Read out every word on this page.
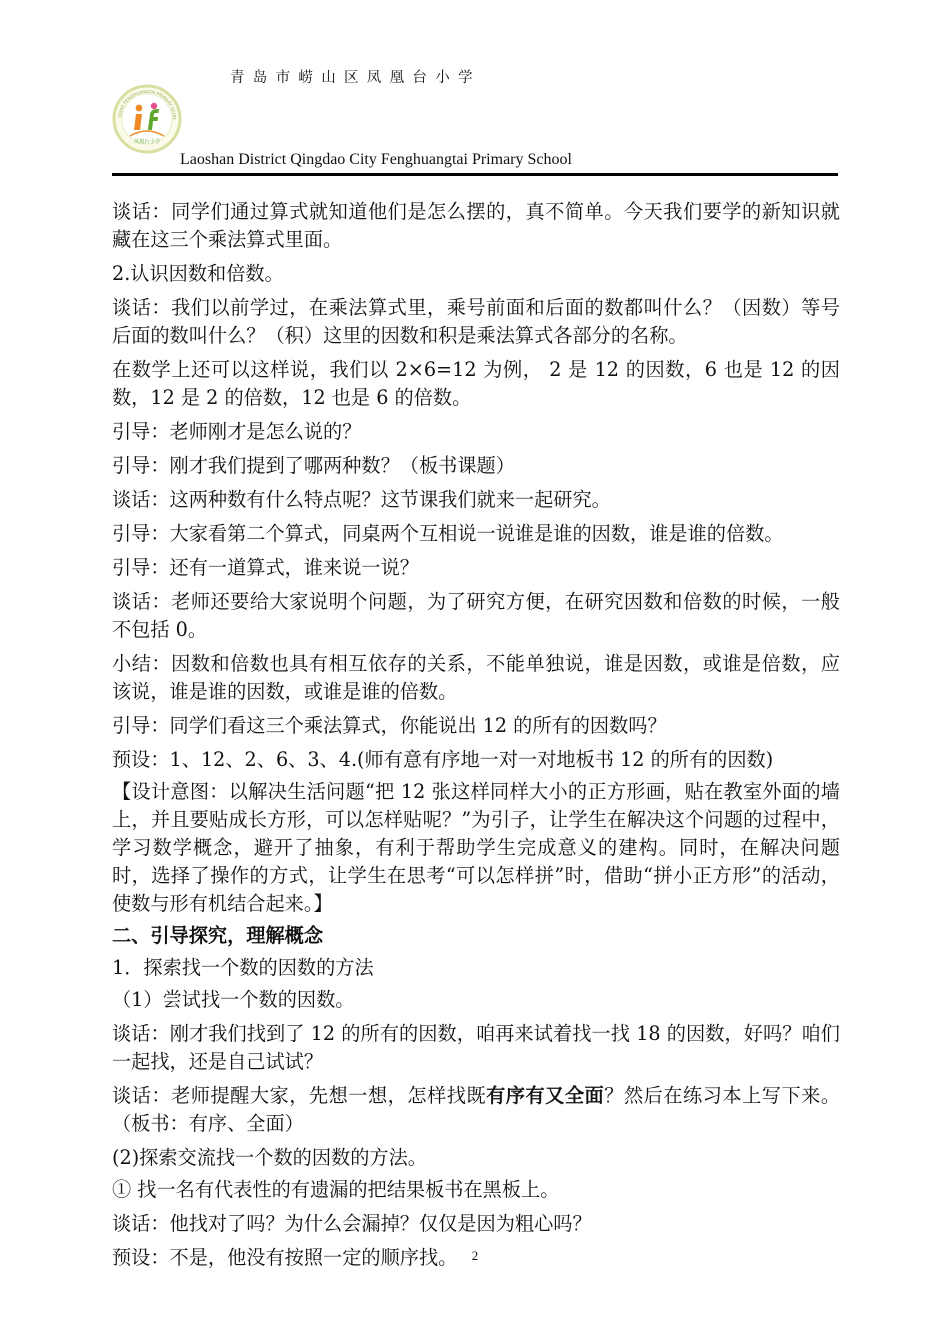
青岛市崂山区凤凰台小学
GDAO FENGHUANGTAI PRIMARY SCHO
凤凰台小学
Laoshan District Qingdao City Fenghuangtai Primary School

谈话：同学们通过算式就知道他们是怎么摆的，真不简单。今天我们要学的新知识就藏在这三个乘法算式里面。

2.认识因数和倍数。

谈话：我们以前学过，在乘法算式里，乘号前面和后面的数都叫什么？（因数）等号后面的数叫什么？（积）这里的因数和积是乘法算式各部分的名称。

在数学上还可以这样说，我们以 2×6=12 为例， 2 是 12 的因数，6 也是 12 的因数，12 是 2 的倍数，12 也是 6 的倍数。

引导：老师刚才是怎么说的？

引导：刚才我们提到了哪两种数？（板书课题）

谈话：这两种数有什么特点呢？这节课我们就来一起研究。

引导：大家看第二个算式，同桌两个互相说一说谁是谁的因数，谁是谁的倍数。

引导：还有一道算式，谁来说一说？

谈话：老师还要给大家说明个问题，为了研究方便，在研究因数和倍数的时候，一般不包括 0。

小结：因数和倍数也具有相互依存的关系，不能单独说，谁是因数，或谁是倍数，应该说，谁是谁的因数，或谁是谁的倍数。

引导：同学们看这三个乘法算式，你能说出 12 的所有的因数吗？

预设：1、12、2、6、3、4.(师有意有序地一对一对地板书 12 的所有的因数)

【设计意图：以解决生活问题“把 12 张这样同样大小的正方形画，贴在教室外面的墙上，并且要贴成长方形，可以怎样贴呢？”为引子，让学生在解决这个问题的过程中，学习数学概念，避开了抽象，有利于帮助学生完成意义的建构。同时，在解决问题时，选择了操作的方式，让学生在思考“可以怎样拼”时，借助“拼小正方形”的活动，使数与形有机结合起来。】

二、引导探究，理解概念

1．探索找一个数的因数的方法

（1）尝试找一个数的因数。

谈话：刚才我们找到了 12 的所有的因数，咱再来试着找一找 18 的因数，好吗？咱们一起找，还是自己试试？

谈话：老师提醒大家，先想一想，怎样找既有序有又全面？然后在练习本上写下来。（板书：有序、全面）

(2)探索交流找一个数的因数的方法。

① 找一名有代表性的有遗漏的把结果板书在黑板上。

谈话：他找对了吗？为什么会漏掉？仅仅是因为粗心吗？

预设：不是，他没有按照一定的顺序找。	2
